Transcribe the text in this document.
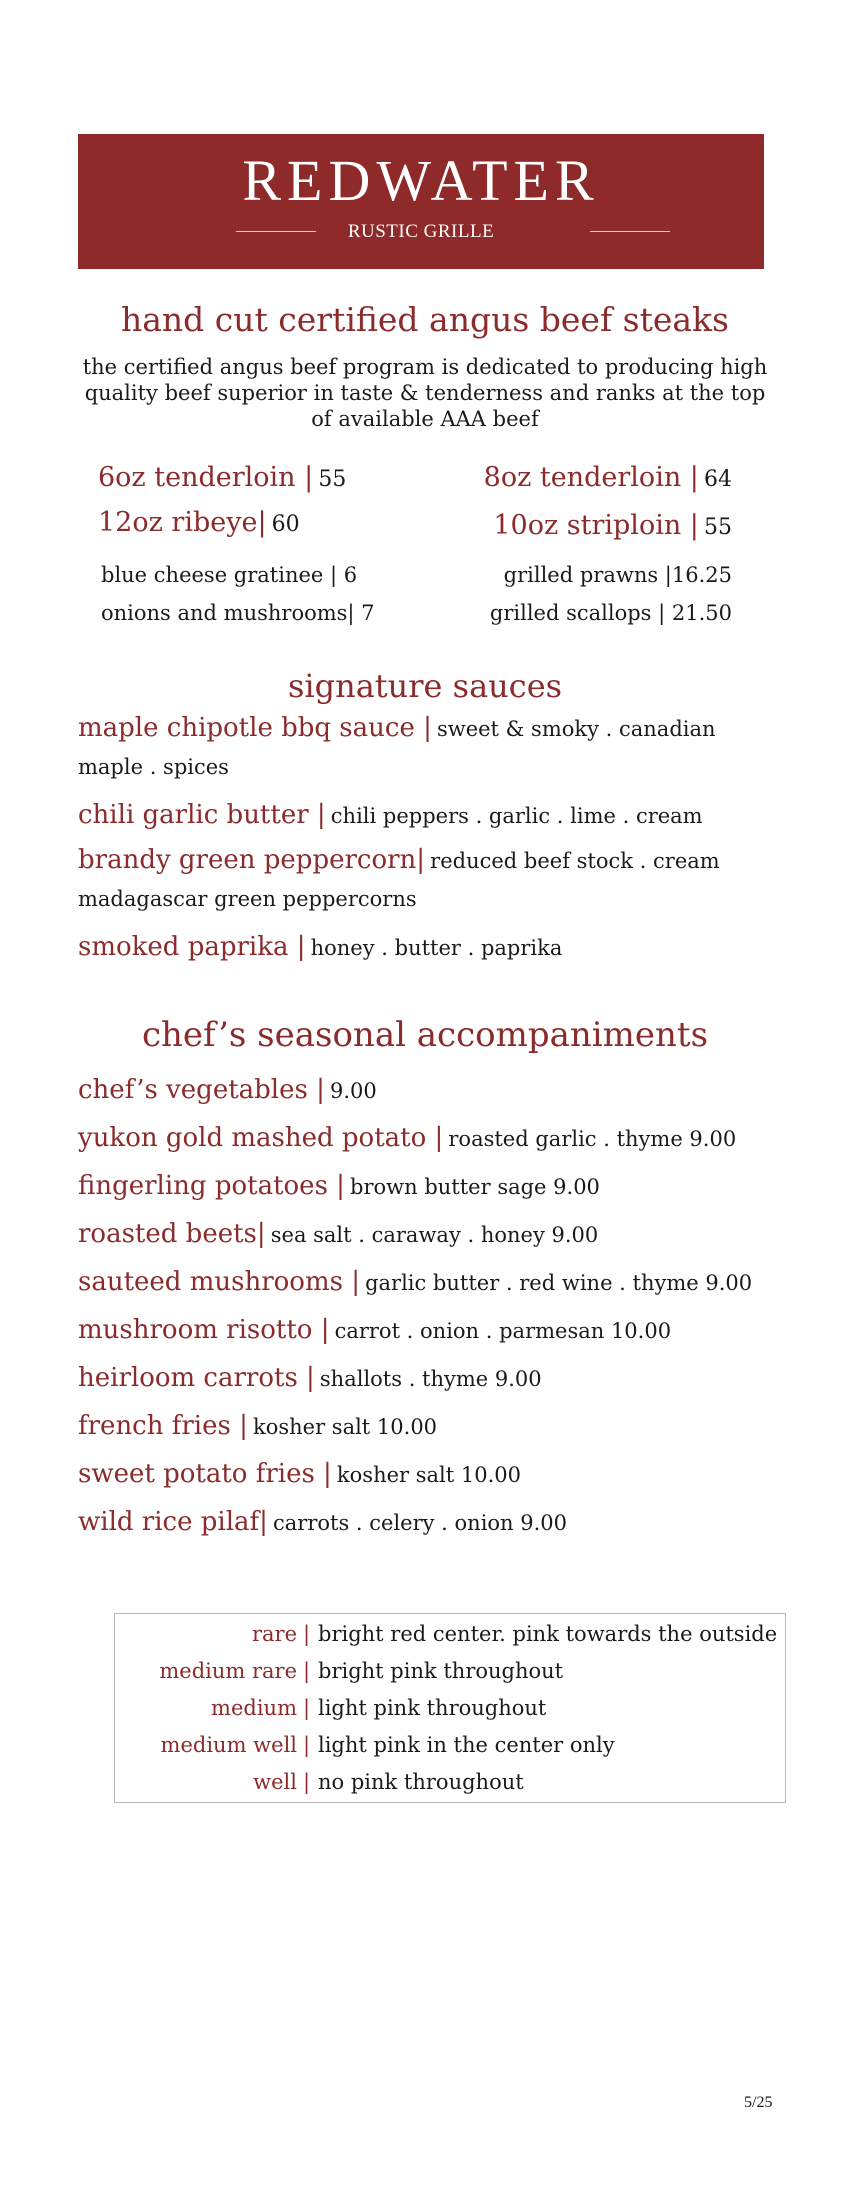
REDWATER
RUSTIC GRILLE
hand cut certified angus beef steaks
the certified angus beef program is dedicated to producing high quality beef superior in taste & tenderness and ranks at the top of available AAA beef
6oz tenderloin | 55
12oz ribeye| 60
8oz tenderloin | 64
10oz striploin | 55
blue cheese gratinee | 6
onions and mushrooms| 7
grilled prawns |16.25
grilled scallops | 21.50
signature sauces
maple chipotle bbq sauce | sweet & smoky . canadian
maple . spices
chili garlic butter | chili peppers . garlic . lime . cream
brandy green peppercorn| reduced beef stock . cream
madagascar green peppercorns
smoked paprika | honey . butter . paprika
chef’s seasonal accompaniments
chef’s vegetables | 9.00
yukon gold mashed potato | roasted garlic . thyme 9.00
fingerling potatoes | brown butter sage 9.00
roasted beets| sea salt . caraway . honey 9.00
sauteed mushrooms | garlic butter . red wine . thyme 9.00
mushroom risotto | carrot . onion . parmesan 10.00
heirloom carrots | shallots . thyme 9.00
french fries | kosher salt 10.00
sweet potato fries | kosher salt 10.00
wild rice pilaf| carrots . celery . onion 9.00
rare | bright red center. pink towards the outside
medium rare | bright pink throughout
medium | light pink throughout
medium well | light pink in the center only
well | no pink throughout
5/25
